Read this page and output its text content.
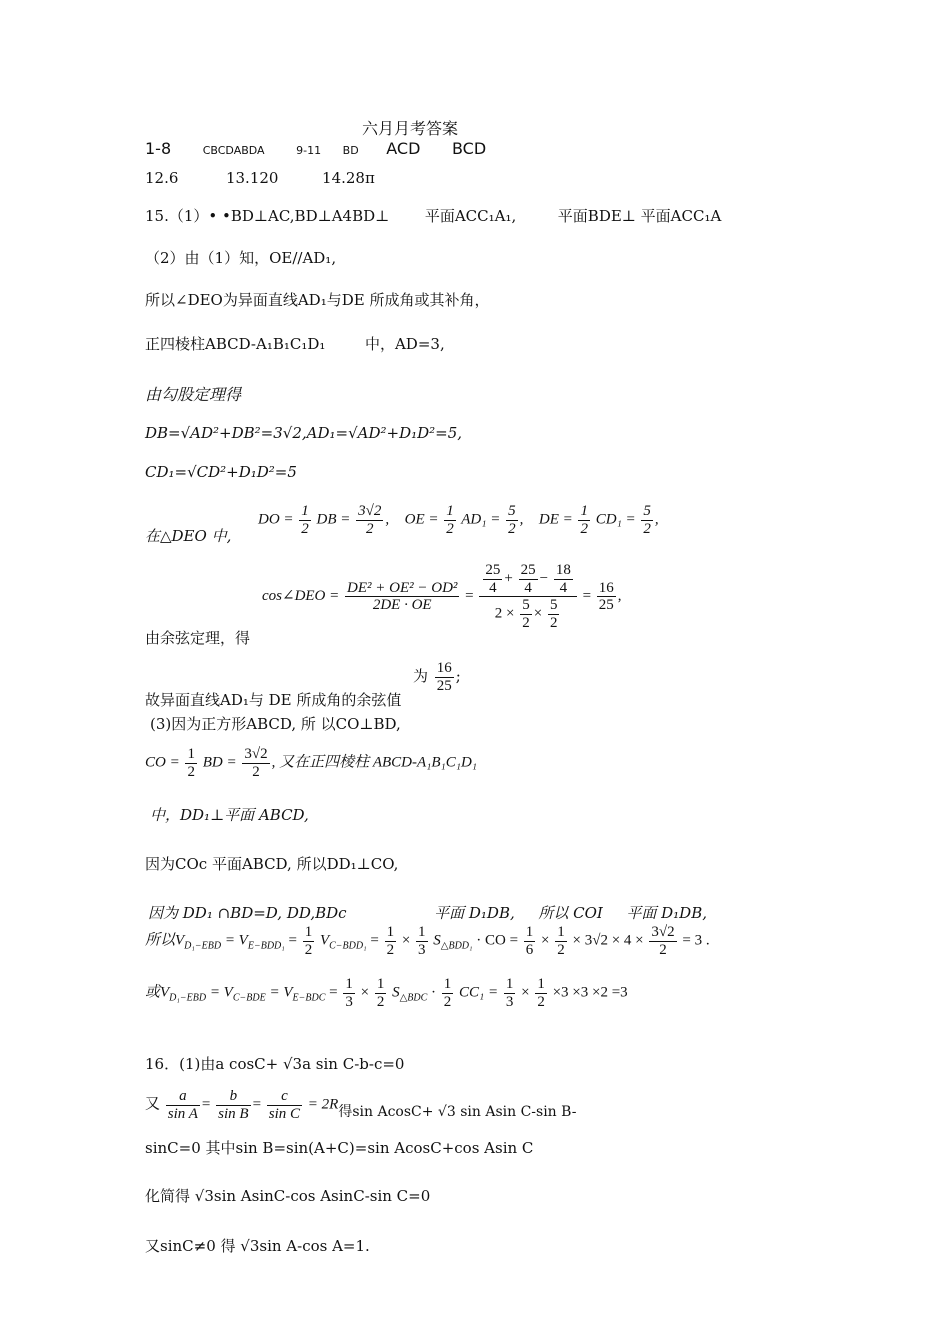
六月月考答案
1-8	CBCDABDA	9-11 BD ACD BCD
12.6	13.120	14.28π
15.（1）• •BD⊥AC,BD⊥A4BD⊥ 平面ACC₁A₁,	平面BDE⊥ 平面ACC₁A
（2）由（1）知，OE//AD₁,
所以∠DEO为异面直线AD₁与DE 所成角或其补角，
正四棱柱ABCD-A₁B₁C₁D₁	中，AD=3,
由勾股定理得
DB=√AD²+DB²=3√2,AD₁=√AD²+D₁D²=5,
CD₁=√CD²+D₁D²=5
在△DEO 中,
DO = $\frac{1}{2}$ DB = $\frac{3√2}{2}$ ,  OE = $\frac{1}{2} AD_1 = \frac{5}{2}$ ,  DE = $\frac{1}{2} CD_1 = \frac{5}{2}$ ,
cos∠DEO = $\frac{\text{DE² + OE² − OD²}}{2DE \cdot OE} = \frac{\frac{25}{4} + \frac{25}{4} - \frac{18}{4}}{2 \times \frac{5}{2} \times \frac{5}{2}} = \frac{16}{25}$ ,
由余弦定理，得
故异面直线AD₁与 DE 所成角的余弦值  为 $\frac{16}{25}$ ;
(3)因为正方形ABCD, 所 以CO⊥BD,
CO = $\frac{1}{2}$ BD = $\frac{3√2}{2}$ , 又在正四棱柱 ABCD-A₁B₁C₁D₁
中，DD₁⊥平面 ABCD,
因为COc 平面ABCD, 所以DD₁⊥CO,
因为 DD₁ ∩BD=D, DD,BDc	平面 D₁DB, 所以 COI 平面 D₁DB,
所以$V_{D_1-EBD} = V_{E-BDD_1} = \frac{1}{2} V_{C-BDD_1} = \frac{1}{2} \times \frac{1}{3} S_{\triangle BDD_1}$ · CO = $\frac{1}{6} \times \frac{1}{2} \times 3√2 \times 4 \times \frac{3√2}{2} = 3$ .
或$V_{D_1-EBD} = V_{C-BDE} = V_{E-BDC} = \frac{1}{3} \times \frac{1}{2} S_{\triangle BDC} \cdot \frac{1}{2} CC_1 = \frac{1}{3} \times \frac{1}{2} \times 3 \times 3 \times 2 =3$
16．(1)由a cosC+ √3a sin C-b-c=0
又 $\frac{a}{\text{sin A}} = \frac{b}{\text{sin B}} = \frac{c}{\text{sin C}} = 2R$得sin AcosC+ √3 sin Asin C-sin B-
sinC=0 其中sin B=sin(A+C)=sin AcosC+cos Asin C
化简得 √3sin AsinC-cos AsinC-sin C=0
又sinC≠0 得 √3sin A-cos A=1.
